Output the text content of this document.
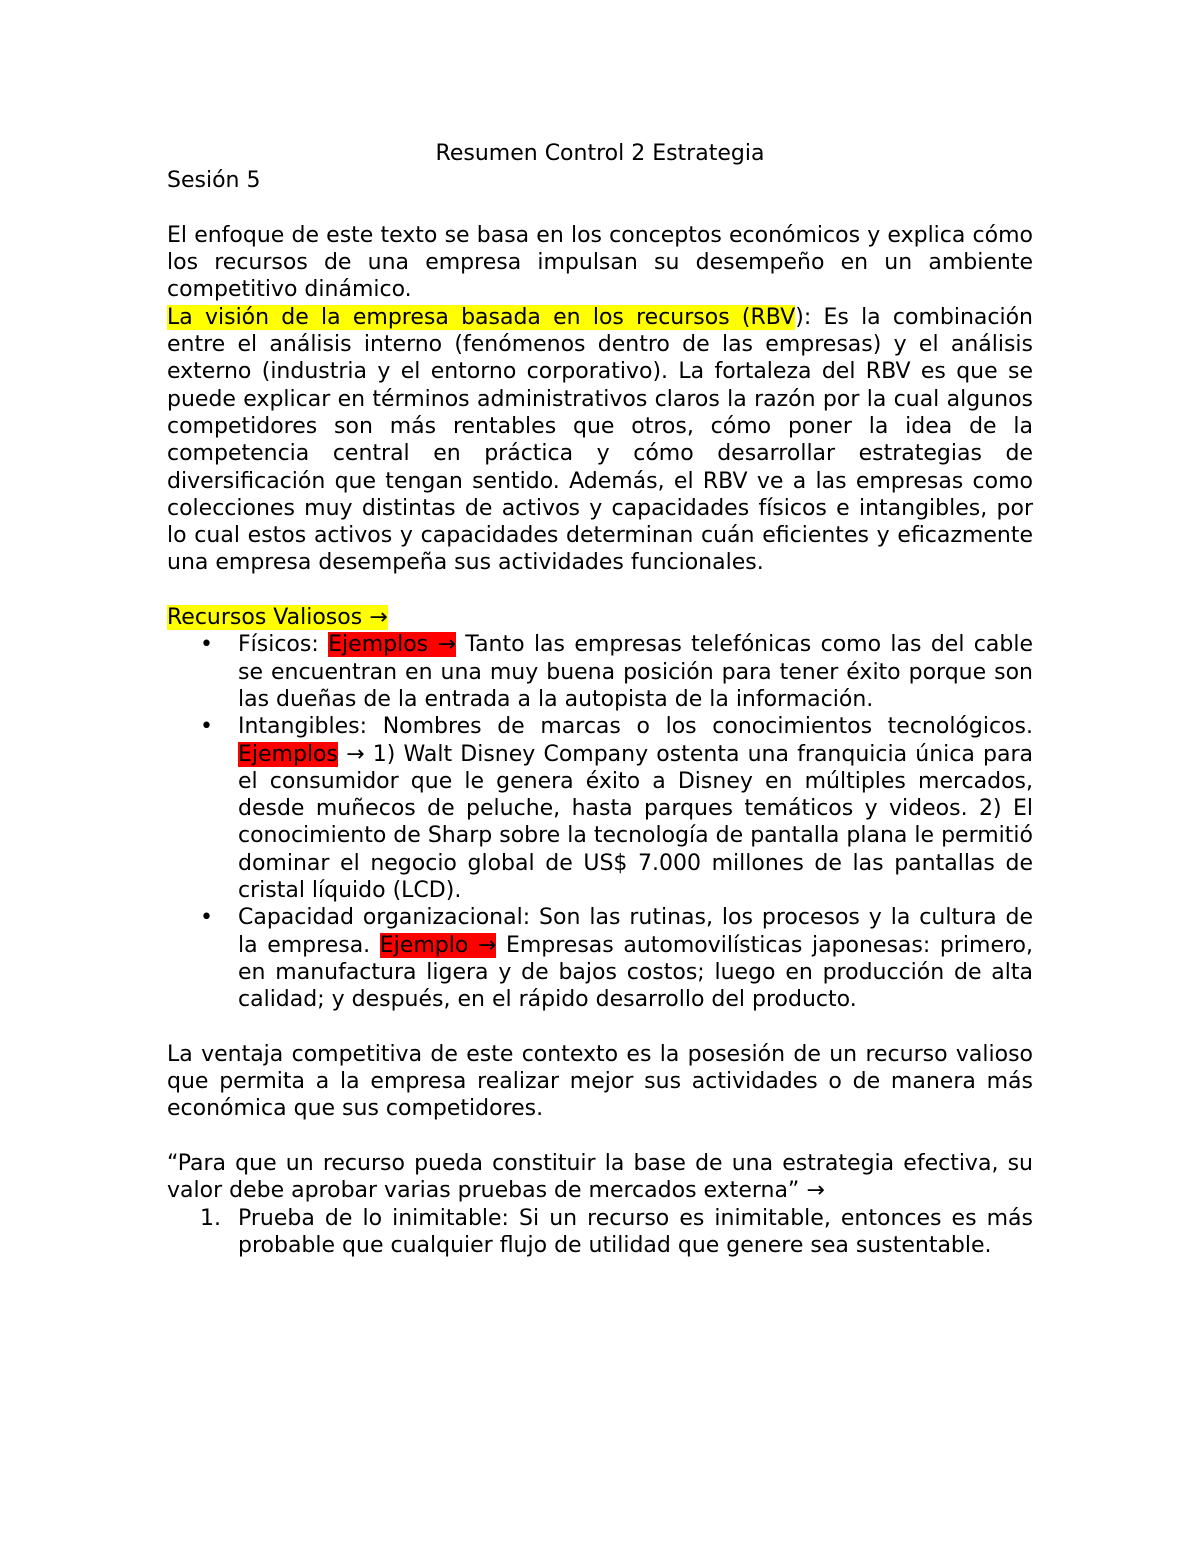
Resumen Control 2 Estrategia

Sesión 5

El enfoque de este texto se basa en los conceptos económicos y explica cómo los recursos de una empresa impulsan su desempeño en un ambiente competitivo dinámico.
La visión de la empresa basada en los recursos (RBV): Es la combinación entre el análisis interno (fenómenos dentro de las empresas) y el análisis externo (industria y el entorno corporativo). La fortaleza del RBV es que se puede explicar en términos administrativos claros la razón por la cual algunos competidores son más rentables que otros, cómo poner la idea de la competencia central en práctica y cómo desarrollar estrategias de diversificación que tengan sentido. Además, el RBV ve a las empresas como colecciones muy distintas de activos y capacidades físicos e intangibles, por lo cual estos activos y capacidades determinan cuán eficientes y eficazmente una empresa desempeña sus actividades funcionales.

Recursos Valiosos →

• Físicos: Ejemplos → Tanto las empresas telefónicas como las del cable se encuentran en una muy buena posición para tener éxito porque son las dueñas de la entrada a la autopista de la información.
• Intangibles: Nombres de marcas o los conocimientos tecnológicos. Ejemplos → 1) Walt Disney Company ostenta una franquicia única para el consumidor que le genera éxito a Disney en múltiples mercados, desde muñecos de peluche, hasta parques temáticos y videos. 2) El conocimiento de Sharp sobre la tecnología de pantalla plana le permitió dominar el negocio global de US$ 7.000 millones de las pantallas de cristal líquido (LCD).
• Capacidad organizacional: Son las rutinas, los procesos y la cultura de la empresa. Ejemplo → Empresas automovilísticas japonesas: primero, en manufactura ligera y de bajos costos; luego en producción de alta calidad; y después, en el rápido desarrollo del producto.

La ventaja competitiva de este contexto es la posesión de un recurso valioso que permita a la empresa realizar mejor sus actividades o de manera más económica que sus competidores.

“Para que un recurso pueda constituir la base de una estrategia efectiva, su valor debe aprobar varias pruebas de mercados externa” →

1. Prueba de lo inimitable: Si un recurso es inimitable, entonces es más probable que cualquier flujo de utilidad que genere sea sustentable.
